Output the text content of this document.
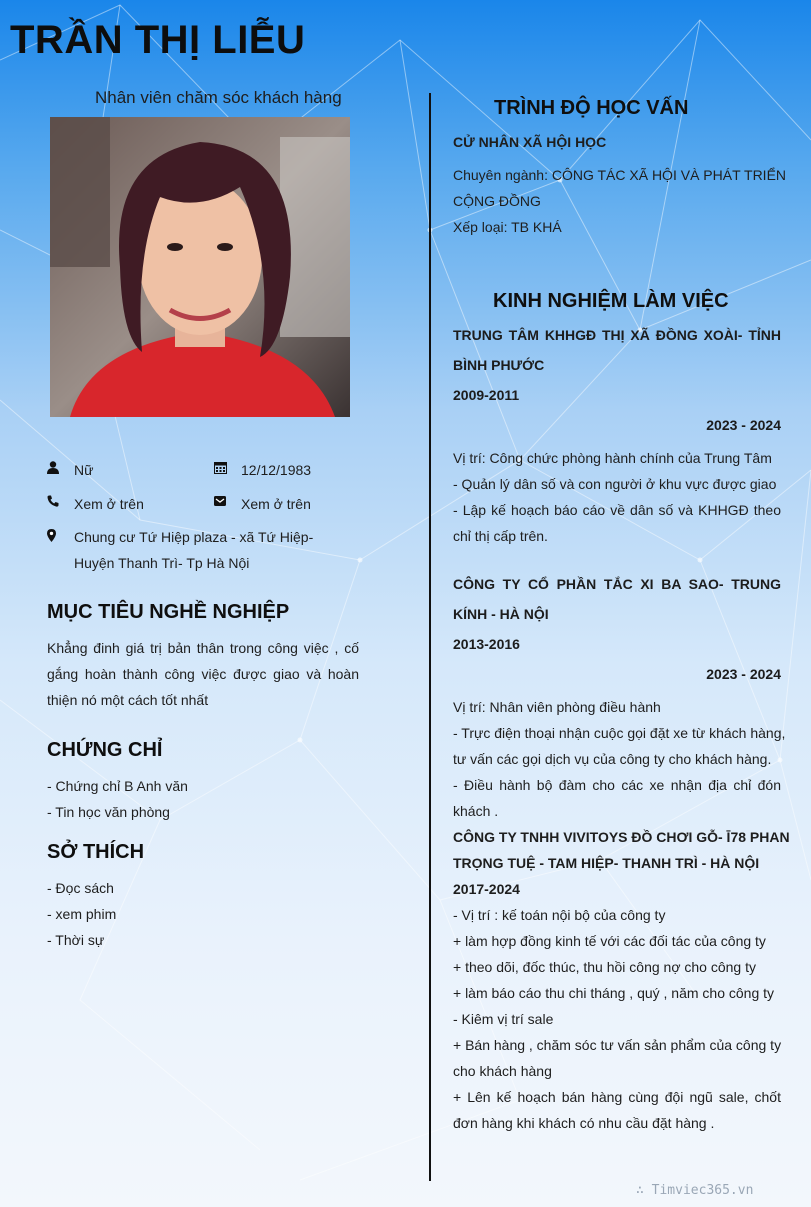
TRẦN THỊ LIỄU
Nhân viên chăm sóc khách hàng
Nữ	12/12/1983
Xem ở trên	Xem ở trên
Chung cư Tứ Hiệp plaza - xã Tứ Hiệp-
Huyện Thanh Trì- Tp Hà Nội
MỤC TIÊU NGHỀ NGHIỆP
Khẳng đinh giá trị bản thân trong công việc , cố gắng hoàn thành công việc được giao và hoàn thiện nó một cách tốt nhất
CHỨNG CHỈ
- Chứng chỉ B Anh văn
- Tin học văn phòng
SỞ THÍCH
- Đọc sách
- xem phim
- Thời sự
TRÌNH ĐỘ HỌC VẤN
CỬ NHÂN XÃ HỘI HỌC
Chuyên ngành: CÔNG TÁC XÃ HỘI VÀ PHÁT TRIỂN
CỘNG ĐỒNG
Xếp loại: TB KHÁ
KINH NGHIỆM LÀM VIỆC
TRUNG TÂM KHHGĐ THỊ XÃ ĐỒNG XOÀI- TỈNH
BÌNH PHƯỚC
2009-2011
2023 - 2024
Vị trí: Công chức phòng hành chính của Trung Tâm
- Quản lý dân số và con người ở khu vực được giao
- Lập kế hoạch báo cáo về dân số và KHHGĐ theo
chỉ thị cấp trên.
CÔNG TY CỔ PHẦN TẮC XI BA SAO- TRUNG
KÍNH - HÀ NỘI
2013-2016
2023 - 2024
Vị trí: Nhân viên phòng điều hành
- Trực điện thoại nhận cuộc gọi đặt xe từ khách hàng,
tư vấn các gọi dịch vụ của công ty cho khách hàng.
- Điều hành bộ đàm cho các xe nhận địa chỉ đón
khách .
CÔNG TY TNHH VIVITOYS ĐỒ CHƠI GỖ- Ī78 PHAN
TRỌNG TUỆ - TAM HIỆP- THANH TRÌ - HÀ NỘI
2017-2024
- Vị trí : kế toán nội bộ của công ty
+ làm hợp đồng kinh tế với các đối tác của công ty
+ theo dõi, đốc thúc, thu hồi công nợ cho công ty
+ làm báo cáo thu chi tháng , quý , năm cho công ty
- Kiêm vị trí sale
+ Bán hàng , chăm sóc tư vấn sản phẩm của công ty
cho khách hàng
+ Lên kế hoạch bán hàng cùng đội ngũ sale, chốt
đơn hàng khi khách có nhu cầu đặt hàng .
∴ Timviec365.vn
